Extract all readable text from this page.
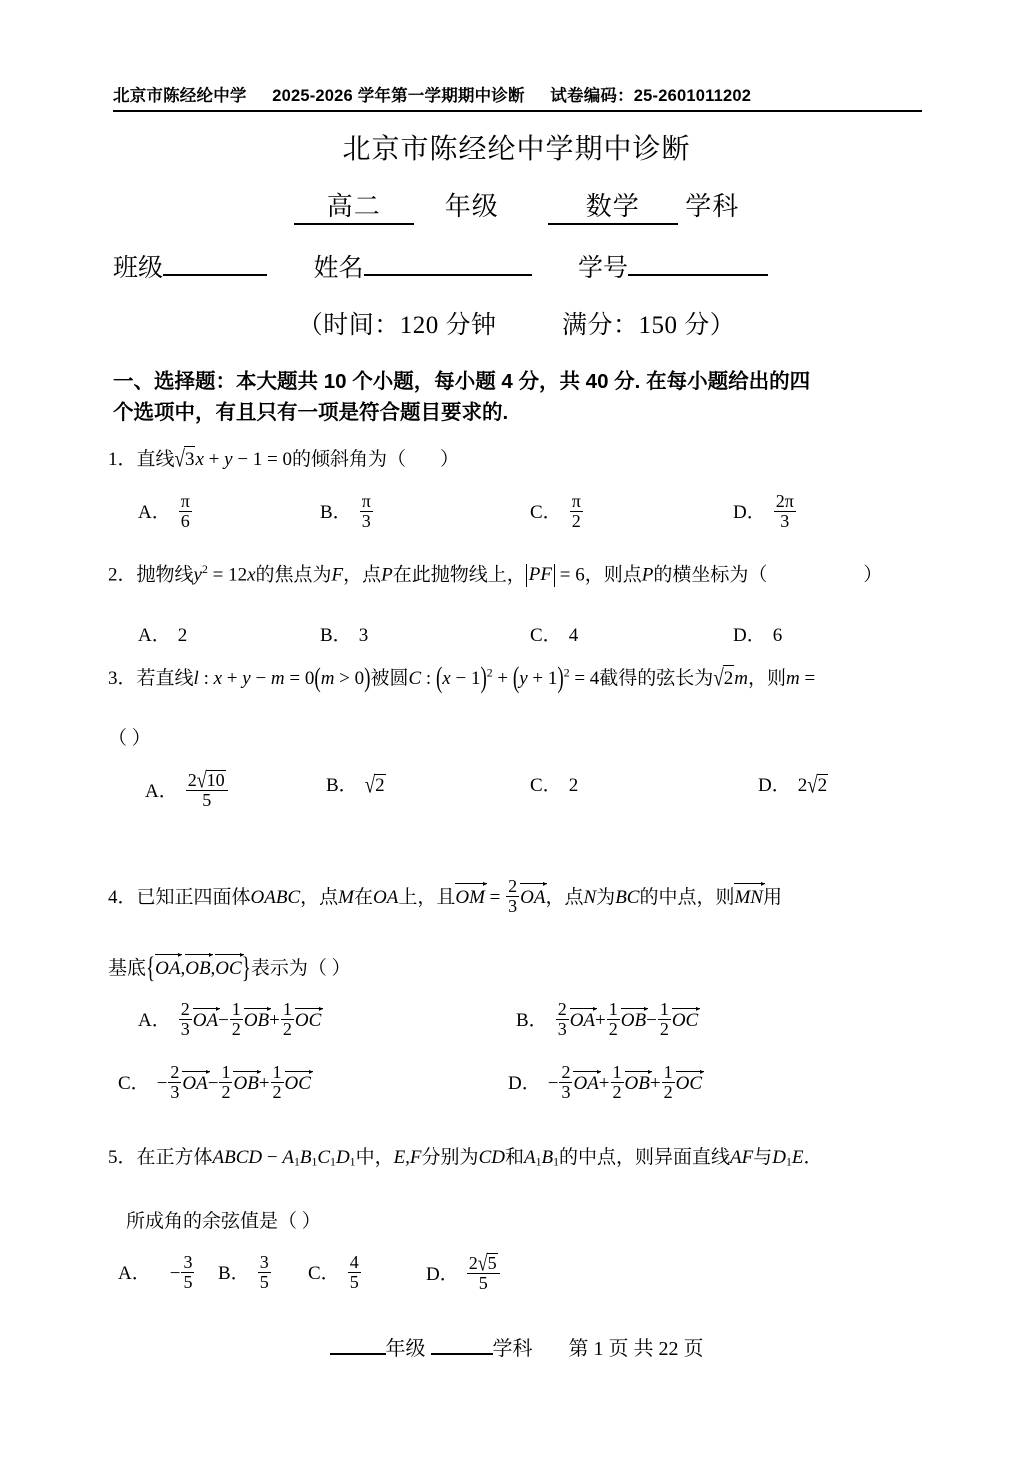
北京市陈经纶中学 2025-2026 学年第一学期期中诊断 试卷编码：25-2601011202
北京市陈经纶中学期中诊断
高二 年级	数学 学科
班级	姓名	学号
（时间：120 分钟	满分：150 分）
一、选择题：本大题共 10 个小题，每小题 4 分，共 40 分. 在每小题给出的四
个选项中，有且只有一项是符合题目要求的.
1．直线√3x + y − 1 = 0的倾斜角为（ ）
A． $\frac{\pi}{6}$	B． $\frac{\pi}{3}$	C． $\frac{\pi}{2}$	D． $\frac{2\pi}{3}$
2．抛物线$y^2 = 12x$的焦点为F，点P在此抛物线上， PF = 6，则点P的横坐标为（	）
A． 2	B． 3	C． 4	D． 6
3．若直线l : x + y − m = 0(m > 0)被圆C : $(x - 1)^2 + (y + 1)^2 = 4$截得的弦长为√2m，则m =
（ ）
A． $\frac{2√10}{5}$	B． √2	C． 2	D． 2√2
4．已知正四面体OABC，点M在OA上，且OM = $\frac{2}{3}$ OA，点N为BC的中点，则MN用
基底{OA,OB,OC}表示为（ ）
A． $\frac{2}{3} OA- \frac{1}{2} OB+ \frac{1}{2}$ OC	B． $\frac{2}{3} OA+ \frac{1}{2} OB- \frac{1}{2}$ OC
C． − $\frac{2}{3} OA- \frac{1}{2} OB+ \frac{1}{2}$ OC	D． − $\frac{2}{3} OA+ \frac{1}{2} OB+ \frac{1}{2}$ OC
5．在正方体ABCD − $A_1B_1C_1D_1$中，E,F分别为CD和$A_1B_1$的中点，则异面直线AF与$D_1E$．
所成角的余弦值是（ ）
A． − $\frac{3}{5}$ B． $\frac{3}{5}$ C． $\frac{4}{5}$	D． $\frac{2√5}{5}$
年级	学科 第 1 页 共 22 页
